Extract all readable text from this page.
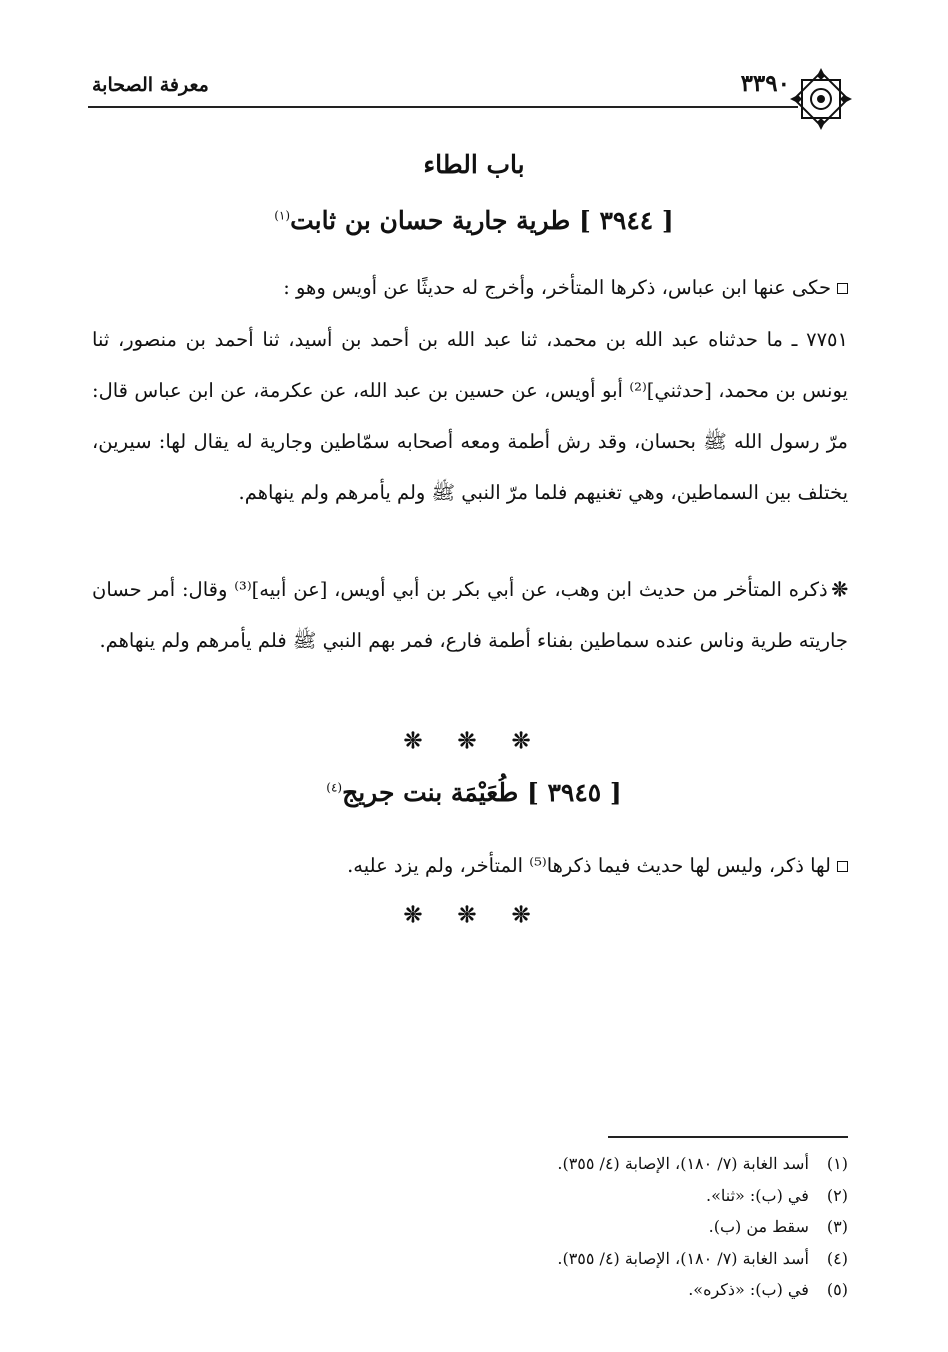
٣٣٩٠
معرفة الصحابة
باب الطاء
[ ٣٩٤٤ ] طرية جارية حسان بن ثابت$^{(١)}$
حكى عنها ابن عباس، ذكرها المتأخر، وأخرج له حديثًا عن أويس وهو :
٧٧٥١ ـ ما حدثناه عبد الله بن محمد، ثنا عبد الله بن أحمد بن أسيد، ثنا أحمد بن منصور، ثنا يونس بن محمد، [حدثني]⁽²⁾ أبو أويس، عن حسين بن عبد الله، عن عكرمة، عن ابن عباس قال: مرّ رسول الله ﷺ بحسان، وقد رش أطمة ومعه أصحابه سمّاطين وجارية له يقال لها: سيرين، يختلف بين السماطين، وهي تغنيهم فلما مرّ النبي ﷺ ولم يأمرهم ولم ينهاهم.
❊ذكره المتأخر من حديث ابن وهب، عن أبي بكر بن أبي أويس، [عن أبيه]⁽³⁾ وقال: أمر حسان جاريته طرية وناس عنده سماطين بفناء أطمة فارع، فمر بهم النبي ﷺ فلم يأمرهم ولم ينهاهم.
❊ ❊ ❊
[ ٣٩٤٥ ] طُعَيْمَة بنت جريج$^{(٤)}$
لها ذكر، وليس لها حديث فيما ذكرها⁽⁵⁾ المتأخر، ولم يزد عليه.
❊ ❊ ❊
(١) أسد الغابة (٧/ ١٨٠)، الإصابة (٤/ ٣٥٥).
(٢) في (ب): «ثنا».
(٣) سقط من (ب).
(٤) أسد الغابة (٧/ ١٨٠)، الإصابة (٤/ ٣٥٥).
(٥) في (ب): «ذكره».
